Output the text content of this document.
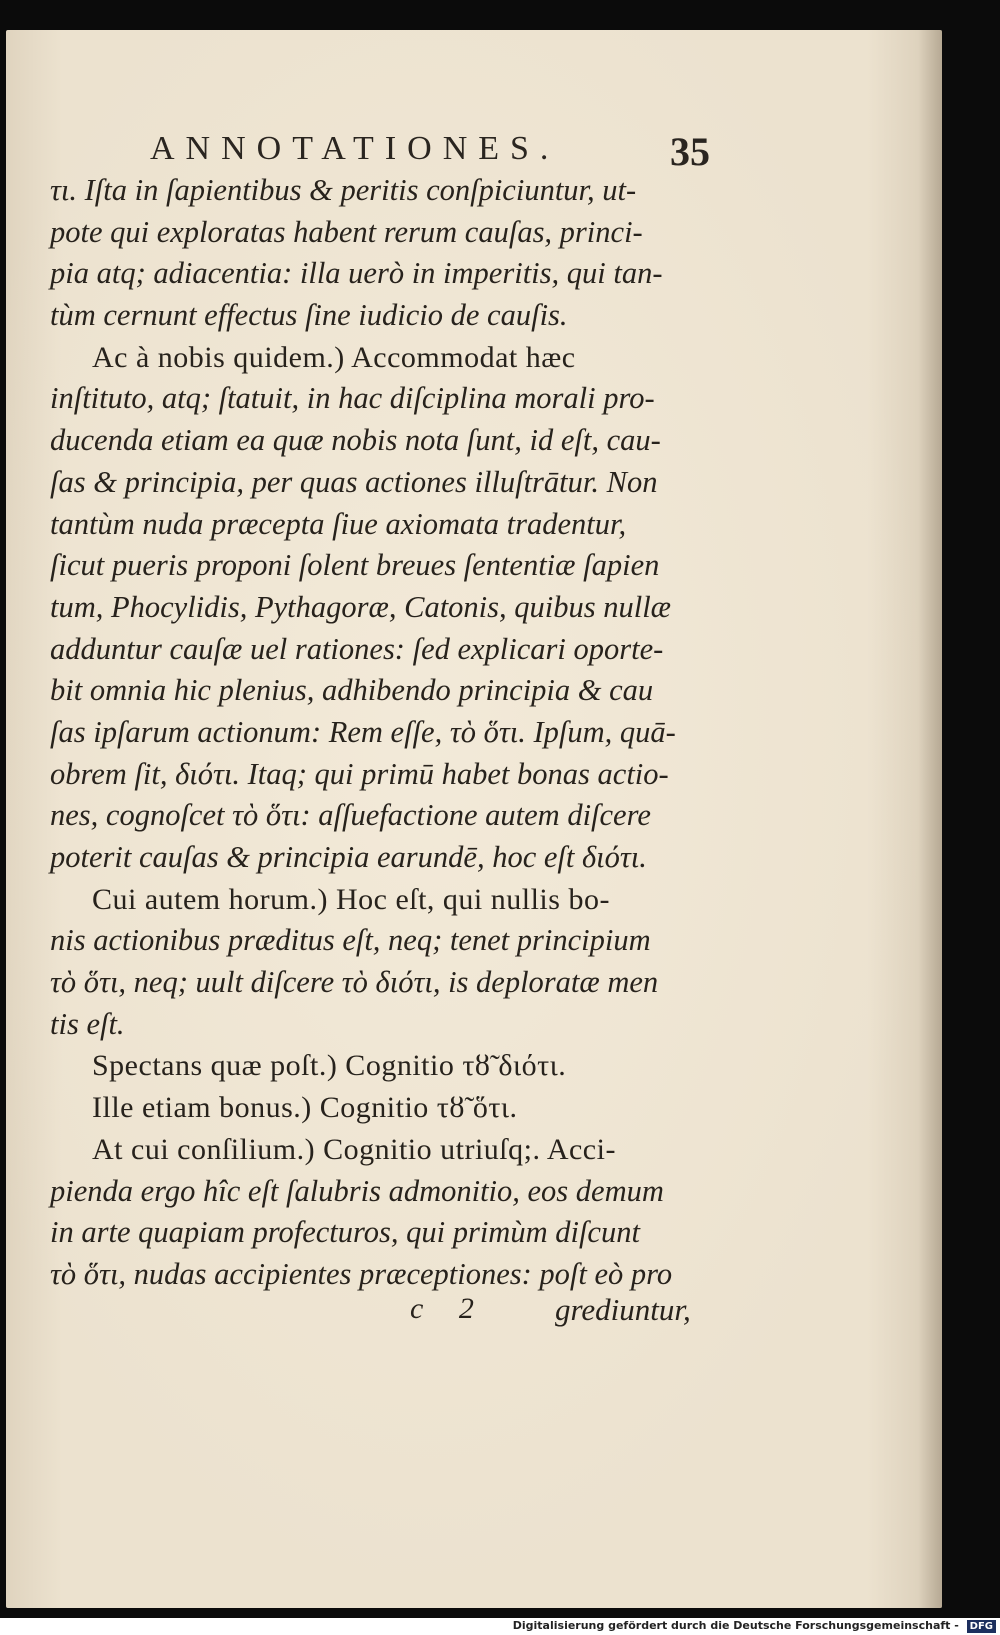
ANNOTATIONES.	35
τι. Iſta in ſapientibus & peritis conſpiciuntur, ut-
pote qui exploratas habent rerum cauſas, princi-
pia atq; adiacentia: illa uerò in imperitis, qui tan-
tùm cernunt effectus ſine iudicio de cauſis.
Ac à nobis quidem.) Accommodat hæc
inſtituto, atq; ſtatuit, in hac diſciplina morali pro-
ducenda etiam ea quæ nobis nota ſunt, id eſt, cau-
ſas & principia, per quas actiones illuſtrātur. Non
tantùm nuda præcepta ſiue axiomata tradentur,
ſicut pueris proponi ſolent breues ſententiæ ſapien
tum, Phocylidis, Pythagoræ, Catonis, quibus nullæ
adduntur cauſæ uel rationes: ſed explicari oporte-
bit omnia hic plenius, adhibendo principia & cau
ſas ipſarum actionum: Rem eſſe, τὸ ὅτι. Ipſum, quā-
obrem ſit, διότι. Itaq; qui primū habet bonas actio-
nes, cognoſcet τὸ ὅτι: aſſuefactione autem diſcere
poterit cauſas & principia earundē, hoc eſt διότι.
Cui autem horum.) Hoc eſt, qui nullis bo-
nis actionibus præditus eſt, neq; tenet principium
τὸ ὅτι, neq; uult diſcere τὸ διότι, is deploratæ men
tis eſt.
Spectans quæ poſt.) Cognitio τȣ̃ διότι.
Ille etiam bonus.) Cognitio τȣ̃ ὅτι.
At cui conſilium.) Cognitio utriuſq;. Acci-
pienda ergo hîc eſt ſalubris admonitio, eos demum
in arte quapiam profecturos, qui primùm diſcunt
τὸ ὅτι, nudas accipientes præceptiones: poſt eò pro
c 2 grediuntur,
Digitalisierung gefördert durch die Deutsche Forschungsgemeinschaft - DFG
